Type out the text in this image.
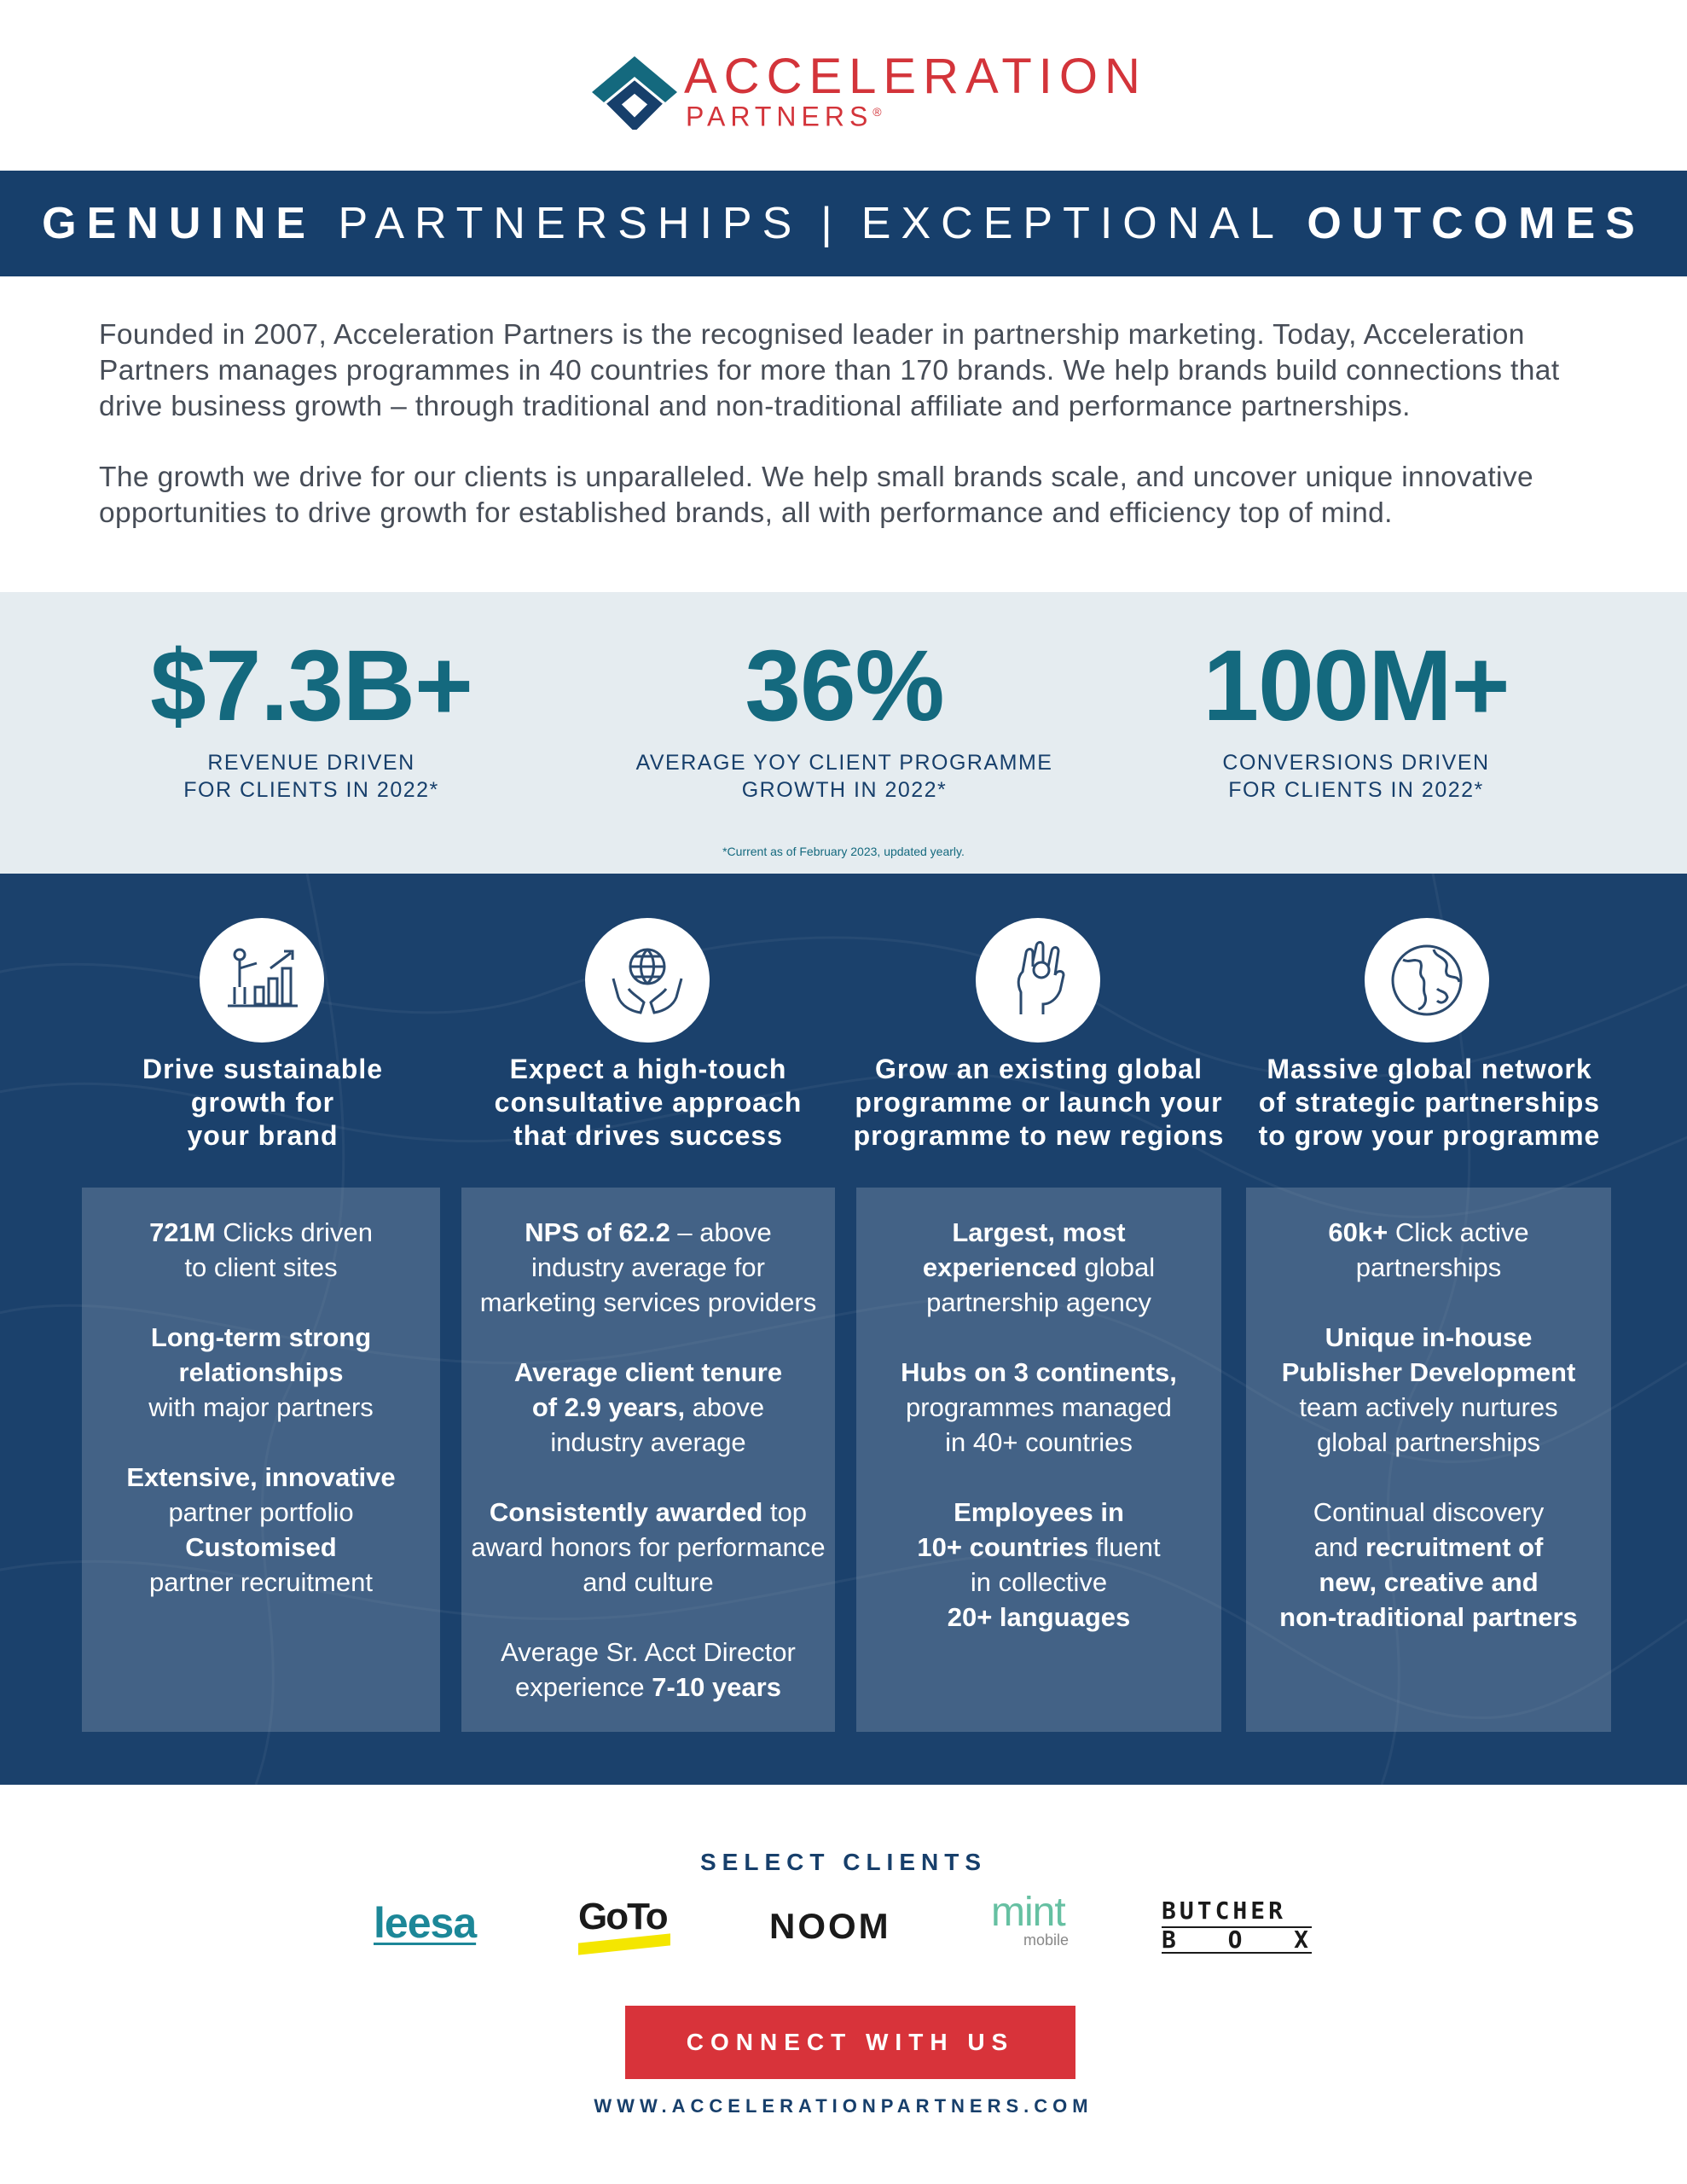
ACCELERATION
PARTNERS®
GENUINE
PARTNERSHIPS | EXCEPTIONAL
OUTCOMES

Founded in 2007, Acceleration Partners is the recognised leader in partnership marketing. Today, Acceleration Partners manages programmes in 40 countries for more than 170 brands. We help brands build connections that drive business growth – through traditional and non-traditional affiliate and performance partnerships.

The growth we drive for our clients is unparalleled. We help small brands scale, and uncover unique innovative opportunities to drive growth for established brands, all with performance and efficiency top of mind.

$7.3B+
REVENUE DRIVEN
FOR CLIENTS IN 2022*
36%
AVERAGE YOY CLIENT PROGRAMME
GROWTH IN 2022*
100M+
CONVERSIONS DRIVEN
FOR CLIENTS IN 2022*
*Current as of February 2023, updated yearly.
Drive sustainable
growth for
your brand
721M Clicks driven
to client sites
Long-term strong
relationships
with major partners
Extensive, innovative
partner portfolio
Customised
partner recruitment
Expect a high-touch
consultative approach
that drives success
NPS of 62.2 – above
industry average for
marketing services providers
Average client tenure
of 2.9 years, above
industry average
Consistently awarded top
award honors for performance
and culture
Average Sr. Acct Director
experience 7-10 years
Grow an existing global
programme or launch your
programme to new regions
Largest, most
experienced global
partnership agency
Hubs on 3 continents,
programmes managed
in 40+ countries
Employees in
10+ countries fluent
in collective
20+ languages
Massive global network
of strategic partnerships
to grow your programme
60k+ Click active
partnerships
Unique in-house
Publisher Development
team actively nurtures
global partnerships
Continual discovery
and recruitment of
new, creative and
non-traditional partners
SELECT CLIENTS
leesa	GoTo	NOOM mint
mobile
BUTCHER
B O X
CONNECT WITH US
WWW.ACCELERATIONPARTNERS.COM
